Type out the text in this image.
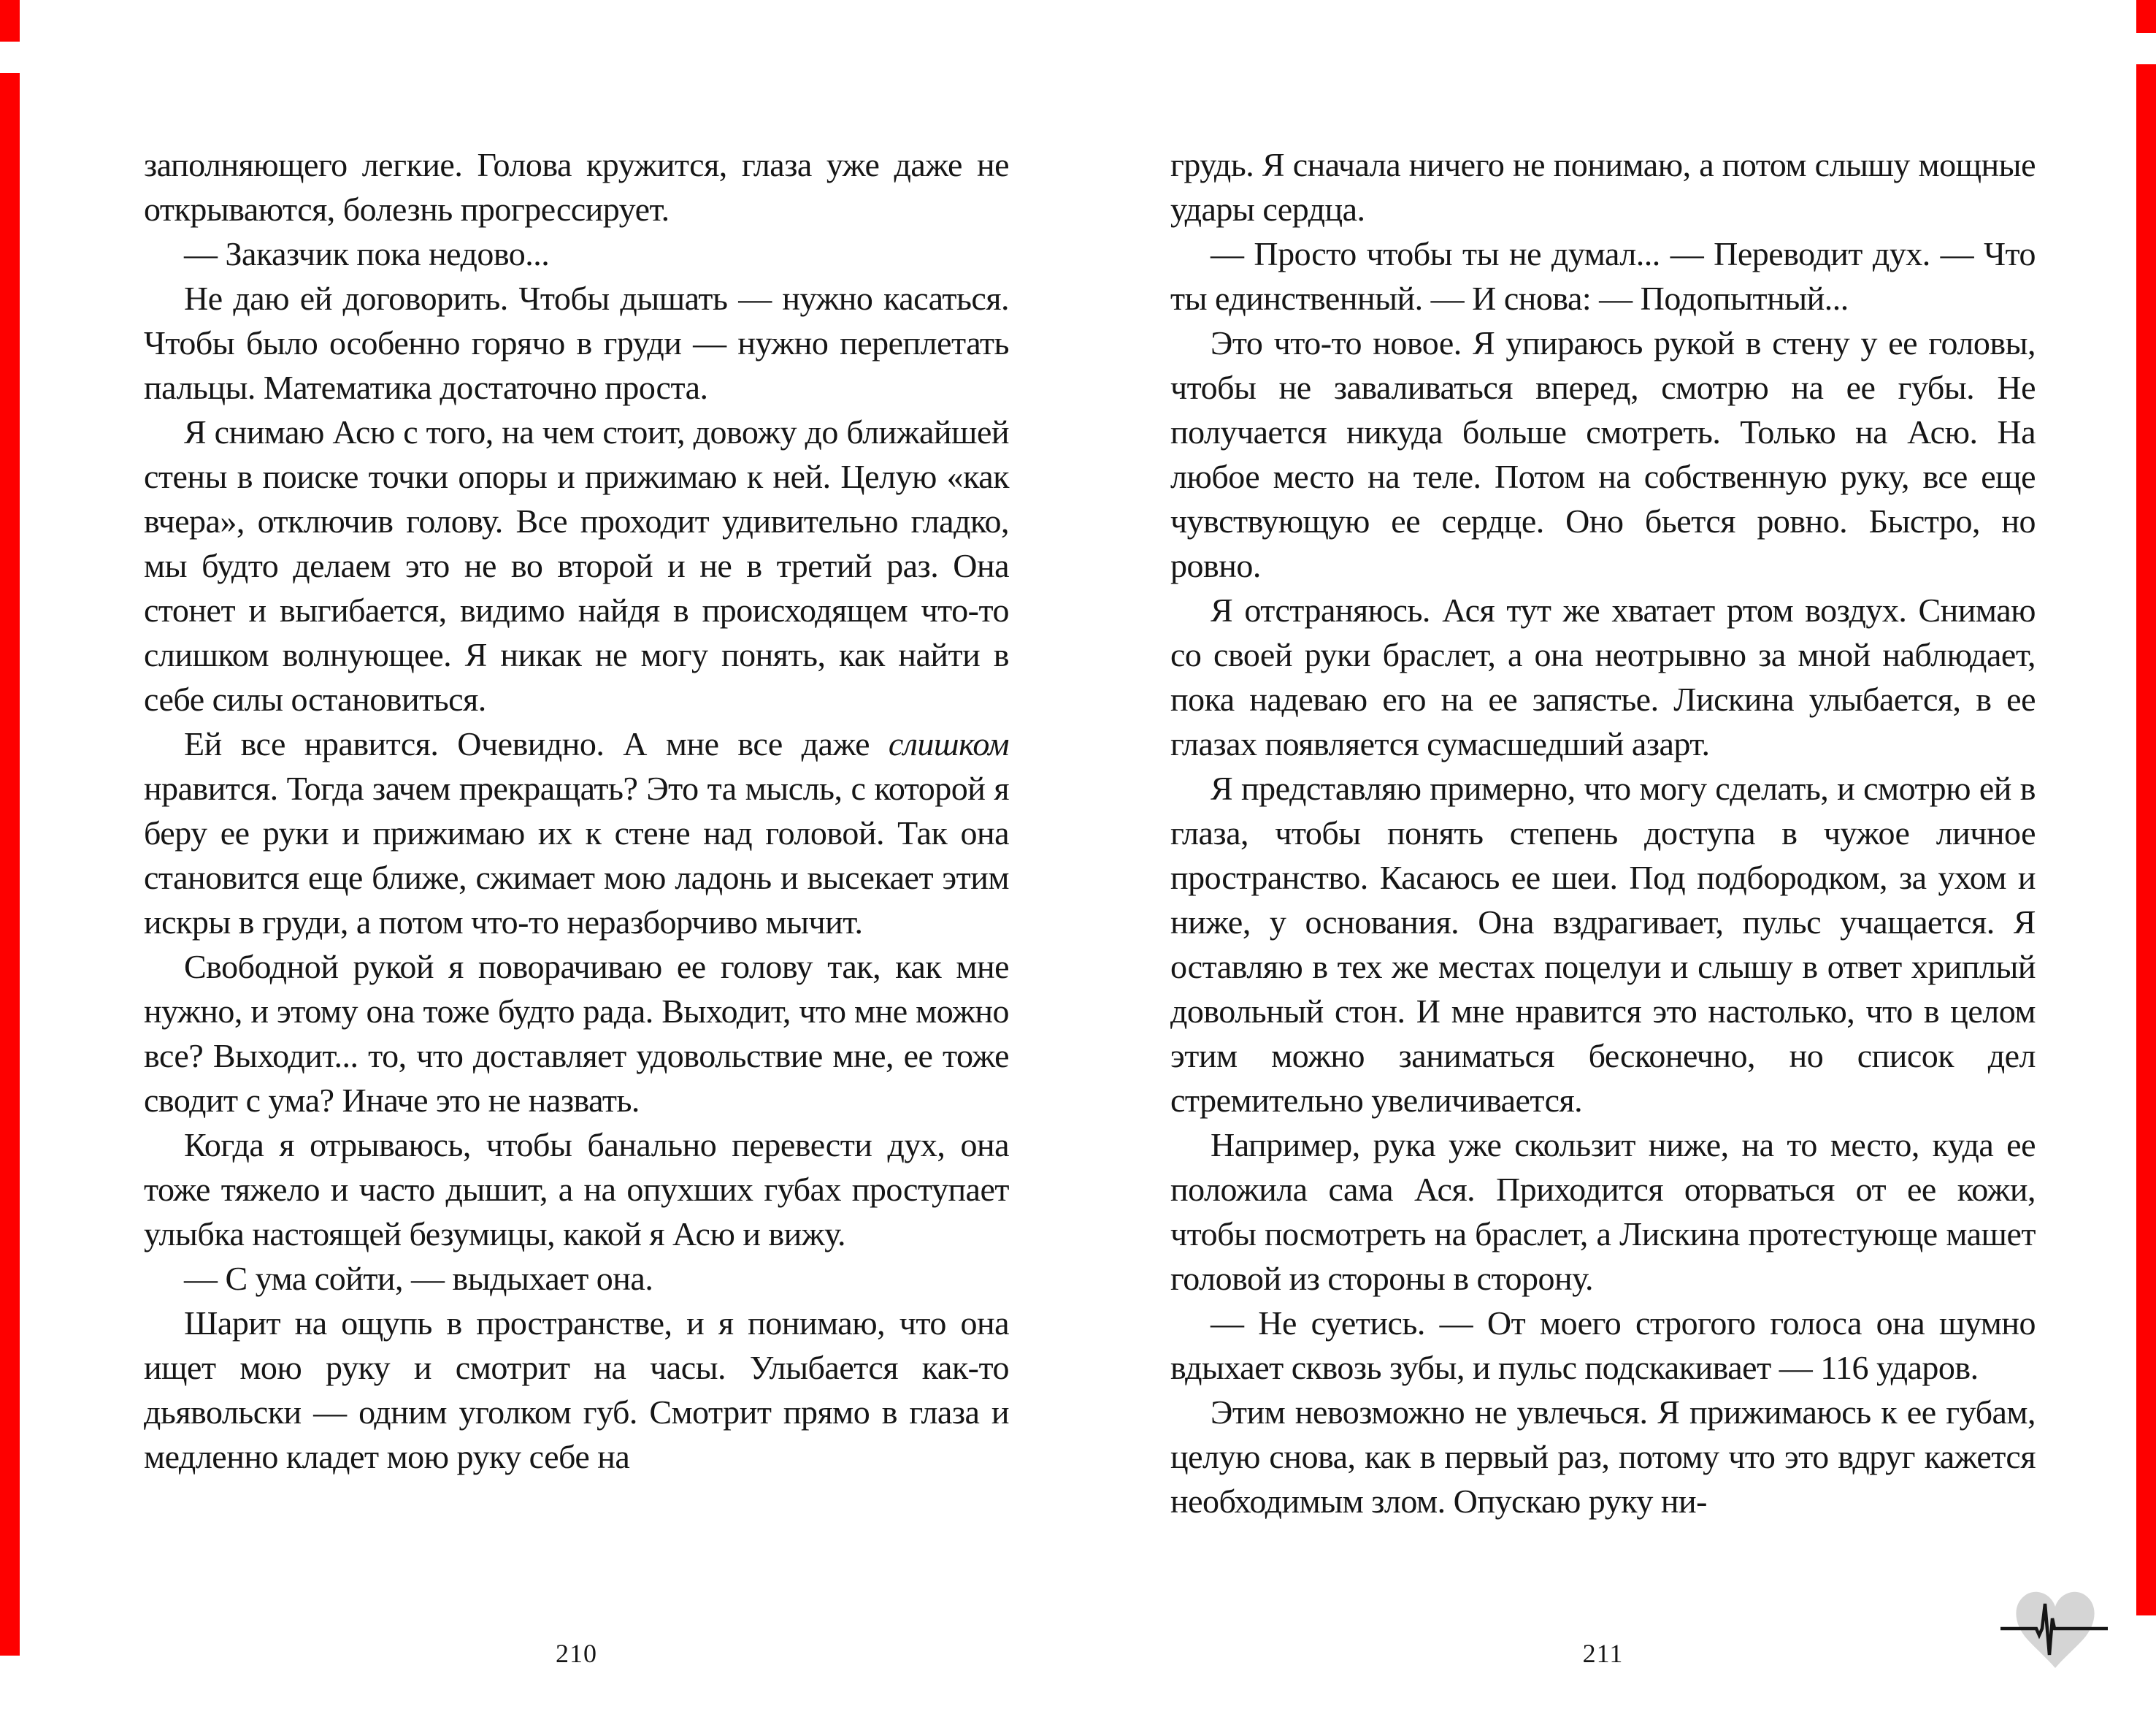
заполняющего легкие. Голова кружится, глаза уже даже не открываются, болезнь прогрессирует.

— Заказчик пока недово...

Не даю ей договорить. Чтобы дышать — нужно касаться. Чтобы было особенно горячо в груди — нужно переплетать пальцы. Математика достаточно проста.

Я снимаю Асю с того, на чем стоит, довожу до ближайшей стены в поиске точки опоры и прижимаю к ней. Целую «как вчера», отключив голову. Все проходит удивительно гладко, мы будто делаем это не во второй и не в третий раз. Она стонет и выгибается, видимо найдя в происходящем что-то слишком волнующее. Я никак не могу понять, как найти в себе силы остановиться.

Ей все нравится. Очевидно. А мне все даже слишком нравится. Тогда зачем прекращать? Это та мысль, с которой я беру ее руки и прижимаю их к стене над головой. Так она становится еще ближе, сжимает мою ладонь и высекает этим искры в груди, а потом что-то неразборчиво мычит.

Свободной рукой я поворачиваю ее голову так, как мне нужно, и этому она тоже будто рада. Выходит, что мне можно все? Выходит... то, что доставляет удовольствие мне, ее тоже сводит с ума? Иначе это не назвать.

Когда я отрываюсь, чтобы банально перевести дух, она тоже тяжело и часто дышит, а на опухших губах проступает улыбка настоящей безумицы, какой я Асю и вижу.

— С ума сойти, — выдыхает она.

Шарит на ощупь в пространстве, и я понимаю, что она ищет мою руку и смотрит на часы. Улыбается как-то дьявольски — одним уголком губ. Смотрит прямо в глаза и медленно кладет мою руку себе на

210

грудь. Я сначала ничего не понимаю, а потом слышу мощные удары сердца.

— Просто чтобы ты не думал... — Переводит дух. — Что ты единственный. — И снова: — Подопытный...

Это что-то новое. Я упираюсь рукой в стену у ее головы, чтобы не заваливаться вперед, смотрю на ее губы. Не получается никуда больше смотреть. Только на Асю. На любое место на теле. Потом на собственную руку, все еще чувствующую ее сердце. Оно бьется ровно. Быстро, но ровно.

Я отстраняюсь. Ася тут же хватает ртом воздух. Снимаю со своей руки браслет, а она неотрывно за мной наблюдает, пока надеваю его на ее запястье. Лискина улыбается, в ее глазах появляется сумасшедший азарт.

Я представляю примерно, что могу сделать, и смотрю ей в глаза, чтобы понять степень доступа в чужое личное пространство. Касаюсь ее шеи. Под подбородком, за ухом и ниже, у основания. Она вздрагивает, пульс учащается. Я оставляю в тех же местах поцелуи и слышу в ответ хриплый довольный стон. И мне нравится это настолько, что в целом этим можно заниматься бесконечно, но список дел стремительно увеличивается.

Например, рука уже скользит ниже, на то место, куда ее положила сама Ася. Приходится оторваться от ее кожи, чтобы посмотреть на браслет, а Лискина протестующе машет головой из стороны в сторону.

— Не суетись. — От моего строгого голоса она шумно вдыхает сквозь зубы, и пульс подскакивает — 116 ударов.

Этим невозможно не увлечься. Я прижимаюсь к ее губам, целую снова, как в первый раз, потому что это вдруг кажется необходимым злом. Опускаю руку ни-

211
